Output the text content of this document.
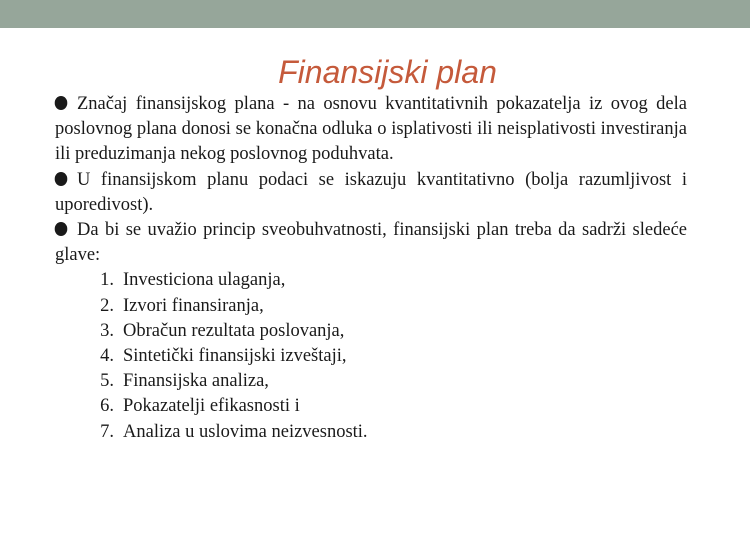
Finansijski plan

Značaj finansijskog plana - na osnovu kvantitativnih pokazatelja iz ovog dela poslovnog plana donosi se konačna odluka o isplativosti ili neisplativosti investiranja ili preduzimanja nekog poslovnog poduhvata.

U finansijskom planu podaci se iskazuju kvantitativno (bolja razumljivost i uporedivost).

Da bi se uvažio princip sveobuhvatnosti, finansijski plan treba da sadrži sledeće glave:

1. Investiciona ulaganja,
2. Izvori finansiranja,
3. Obračun rezultata poslovanja,
4. Sintetički finansijski izveštaji,
5. Finansijska analiza,
6. Pokazatelji efikasnosti i
7. Analiza u uslovima neizvesnosti.
